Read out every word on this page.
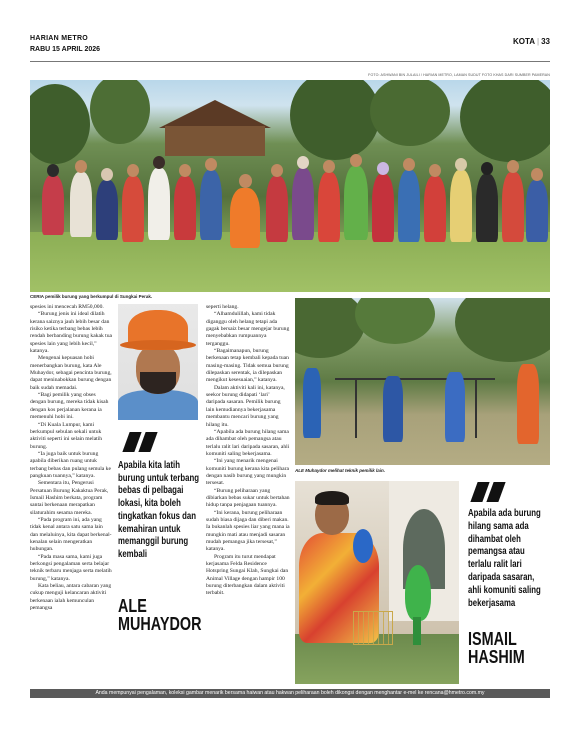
HARIAN METRO
RABU 15 APRIL 2026
KOTA | 33
FOTO: ASHWANI BIN JULAILI / HARIAN METRO, LAMAN SUDUT FOTO KHAS DARI SUMBER PAMERAN
CERIA pemilik burung yang berkumpul di Sungkai Perak.

spesies ini mencecah RM50,000.

“Burung jenis ini ideal dilatih kerana saiznya jauh lebih besar dan risiko ketika terbang bebas lebih rendah berbanding burung kakak tua spesies lain yang lebih kecil,” katanya.

Mengenai kepuasan hobi menerbangkan burung, kata Ale Muhaydor, sebagai pencinta burung, dapat meninabokkan burung dengan baik sudah memadai.

“Bagi pemilik yang obses dengan burung, mereka tidak kisah dengan kos perjalanan kerana ia memenuhi hobi ini.

“Di Kuala Lumpur, kami berkumpul sebulan sekali untuk aktiviti seperti ini selain melatih burung.

“Ia juga baik untuk burung apabila diberikan ruang untuk terbang bebas dan pulang semula ke pangkuan tuannya,” katanya.

Sementara itu, Pengerusi Persatuan Burung Kakaktua Perak, Ismail Hashim berkata, program santai berkenaan merapatkan silaturahim sesama mereka.

“Pada program ini, ada yang tidak kenal antara satu sama lain dan melaluinya, kita dapat berkenal-kenalan selain mengeratkan hubungan.

“Pada masa sama, kami juga berkongsi pengalaman serta belajar teknik terbaru menjaga serta melatih burung,” katanya.

Kata beliau, antara cabaran yang cukup menguji kelancaran aktiviti berkenaan ialah kemunculan pemangsa

Apabila kita latih burung untuk terbang bebas di pelbagai lokasi, kita boleh tingkatkan fokus dan kemahiran untuk memanggil burung kembali
ALE
MUHAYDOR

seperti helang.

“Alhamdulillah, kami tidak diganggu oleh helang tetapi ada gagak bersaiz besar mengejar burung menyebabkan rumpuannya terganggu.

“Bagaimanapun, burung berkenaan tetap kembali kepada tuan masing-masing. Tidak semua burung dilepaskan serentak, ia dilepaskan mengikut kesesuaian,” katanya.

Dalam aktiviti kali ini, katanya, seekor burung didapati ‘lari’ daripada sasaran. Pemilik burung lain kemudiannya bekerjasama membantu mencari burung yang hilang itu.

“Apabila ada burung hilang sama ada dihambat oleh pemangsa atau terlalu ralit lari daripada sasaran, ahli komuniti saling bekerjasama.

“Ini yang menarik mengenai komuniti burung kerana kita pelihara dengan nasib burung yang mungkin tersesat.

“Burung peliharaan yang dibiarkan bebas sukar untuk bertahan hidup tanpa penjagaan tuannya.

“Ini kerana, burung peliharaan sudah biasa dijaga dan diberi makan. Ia bukanlah spesies liar yang mana ia mungkin mati atau menjadi sasaran mudah pemangsa jika tersesat,” katanya.

Program itu turut mendapat kerjasama Felda Residence Hotspring Sungai Klah, Sungkai dan Animal Village dengan hampir 100 burung diterbangkan dalam aktiviti terbabit.

ALE Muhaydor melihat teknik pemilik lain.
Apabila ada burung hilang sama ada dihambat oleh pemangsa atau terlalu ralit lari daripada sasaran, ahli komuniti saling bekerjasama
ISMAIL
HASHIM
Anda mempunyai pengalaman, koleksi gambar menarik bersama haiwan atau hakwan peliharaan boleh dikongsi dengan menghantar e-mel ke rencana@hmetro.com.my
